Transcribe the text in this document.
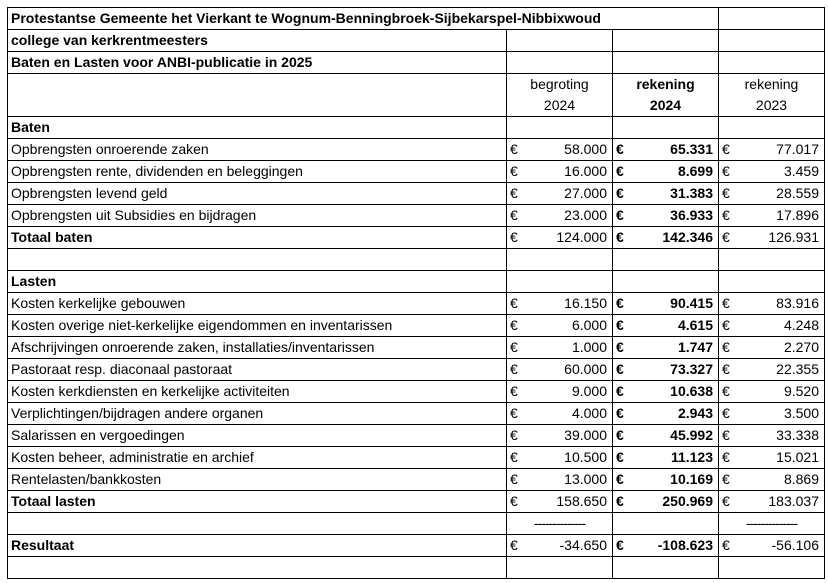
Protestantse Gemeente het Vierkant te Wognum-Benningbroek-Sijbekarspel-Nibbixwoud					
college van kerkrentmeesters					
Baten en Lasten voor ANBI-publicatie in 2025					
	begroting		rekening		rekening
	2024		2024		2023
Baten					
Opbrengsten onroerende zaken	€	58.000	€	65.331	€ 77.017

Opbrengsten rente, dividenden en beleggingen	€	16.000	€	8.699	€ 3.459

Opbrengsten levend geld	€	27.000	€	31.383	€ 28.559

Opbrengsten uit Subsidies en bijdragen	€	23.000	€	36.933	€ 17.896

Totaal baten	€	124.000	€	142.346	€ 126.931

Lasten					
Kosten kerkelijke gebouwen	€	16.150	€	90.415	€ 83.916

Kosten overige niet-kerkelijke eigendommen en inventarissen	€	6.000	€	4.615	€ 4.248

Afschrijvingen onroerende zaken, installaties/inventarissen	€	1.000	€	1.747	€ 2.270

Pastoraat resp. diaconaal pastoraat	€	60.000	€	73.327	€ 22.355

Kosten kerkdiensten en kerkelijke activiteiten	€	9.000	€	10.638	€ 9.520

Verplichtingen/bijdragen andere organen	€	4.000	€	2.943	€ 3.500

Salarissen en vergoedingen	€	39.000	€	45.992	€ 33.338

Kosten beheer, administratie en archief	€	10.500	€	11.123	€ 15.021

Rentelasten/bankkosten	€	13.000	€	10.169	€ 8.869

Totaal lasten	€	158.650	€	250.969	€ 183.037

	--------------				--------------
Resultaat	€	-34.650	€	-108.623	€ -56.106
